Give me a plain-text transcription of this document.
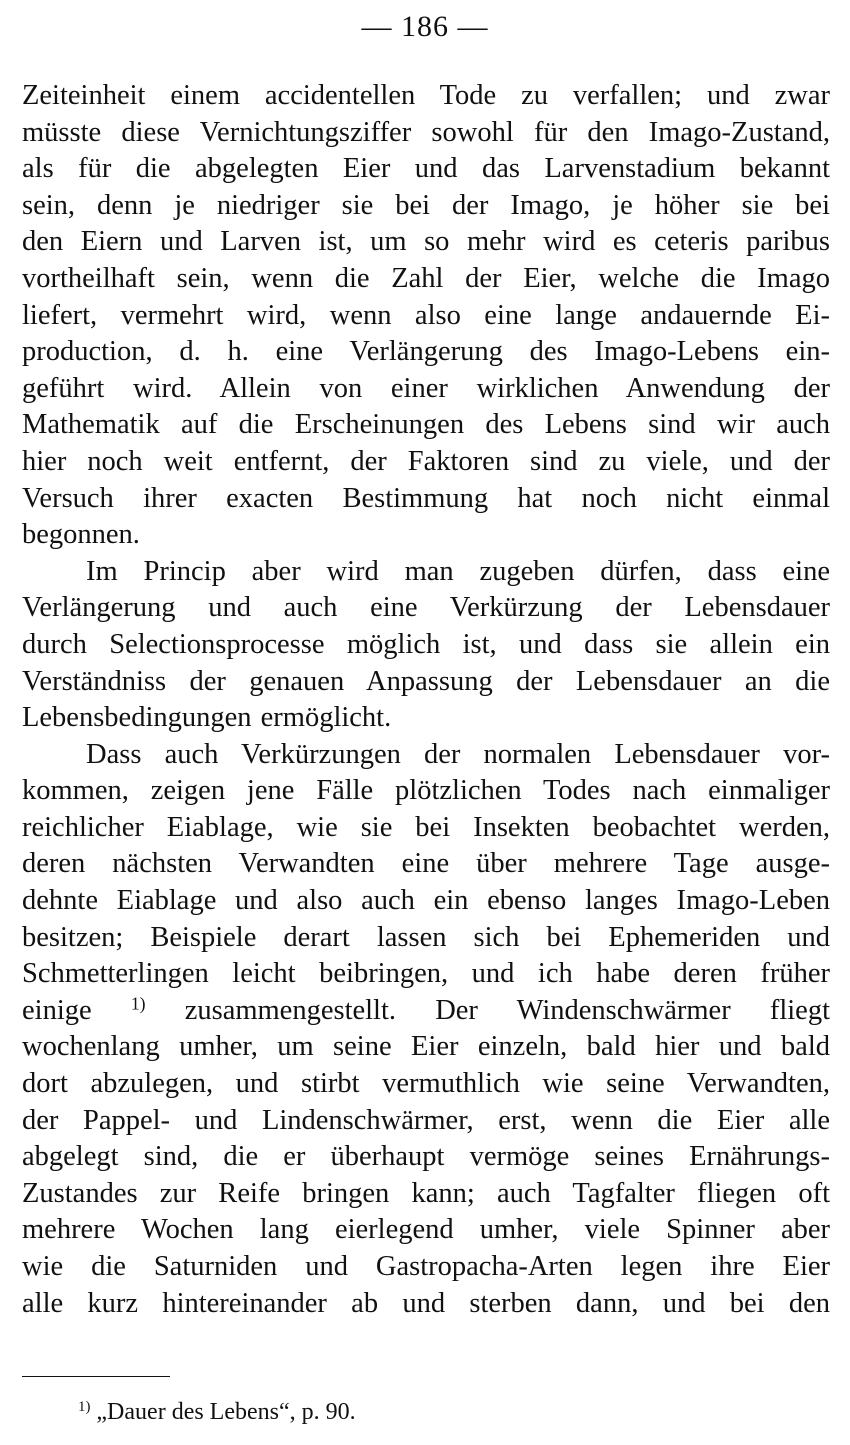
— 186 —
Zeiteinheit einem accidentellen Tode zu verfallen; und zwar
müsste diese Vernichtungsziffer sowohl für den Imago-Zustand,
als für die abgelegten Eier und das Larvenstadium bekannt
sein, denn je niedriger sie bei der Imago, je höher sie bei
den Eiern und Larven ist, um so mehr wird es ceteris paribus
vortheilhaft sein, wenn die Zahl der Eier, welche die Imago
liefert, vermehrt wird, wenn also eine lange andauernde Ei-
production, d. h. eine Verlängerung des Imago-Lebens ein-
geführt wird. Allein von einer wirklichen Anwendung der
Mathematik auf die Erscheinungen des Lebens sind wir auch
hier noch weit entfernt, der Faktoren sind zu viele, und der
Versuch ihrer exacten Bestimmung hat noch nicht einmal
begonnen.
Im Princip aber wird man zugeben dürfen, dass eine
Verlängerung und auch eine Verkürzung der Lebensdauer
durch Selectionsprocesse möglich ist, und dass sie allein ein
Verständniss der genauen Anpassung der Lebensdauer an die
Lebensbedingungen ermöglicht.
Dass auch Verkürzungen der normalen Lebensdauer vor-
kommen, zeigen jene Fälle plötzlichen Todes nach einmaliger
reichlicher Eiablage, wie sie bei Insekten beobachtet werden,
deren nächsten Verwandten eine über mehrere Tage ausge-
dehnte Eiablage und also auch ein ebenso langes Imago-Leben
besitzen; Beispiele derart lassen sich bei Ephemeriden und
Schmetterlingen leicht beibringen, und ich habe deren früher
einige $^{1)}$ zusammengestellt. Der Windenschwärmer fliegt
wochenlang umher, um seine Eier einzeln, bald hier und bald
dort abzulegen, und stirbt vermuthlich wie seine Verwandten,
der Pappel- und Lindenschwärmer, erst, wenn die Eier alle
abgelegt sind, die er überhaupt vermöge seines Ernährungs-
Zustandes zur Reife bringen kann; auch Tagfalter fliegen oft
mehrere Wochen lang eierlegend umher, viele Spinner aber
wie die Saturniden und Gastropacha-Arten legen ihre Eier
alle kurz hintereinander ab und sterben dann, und bei den
$^{1)}$ „Dauer des Lebens“, p. 90.
